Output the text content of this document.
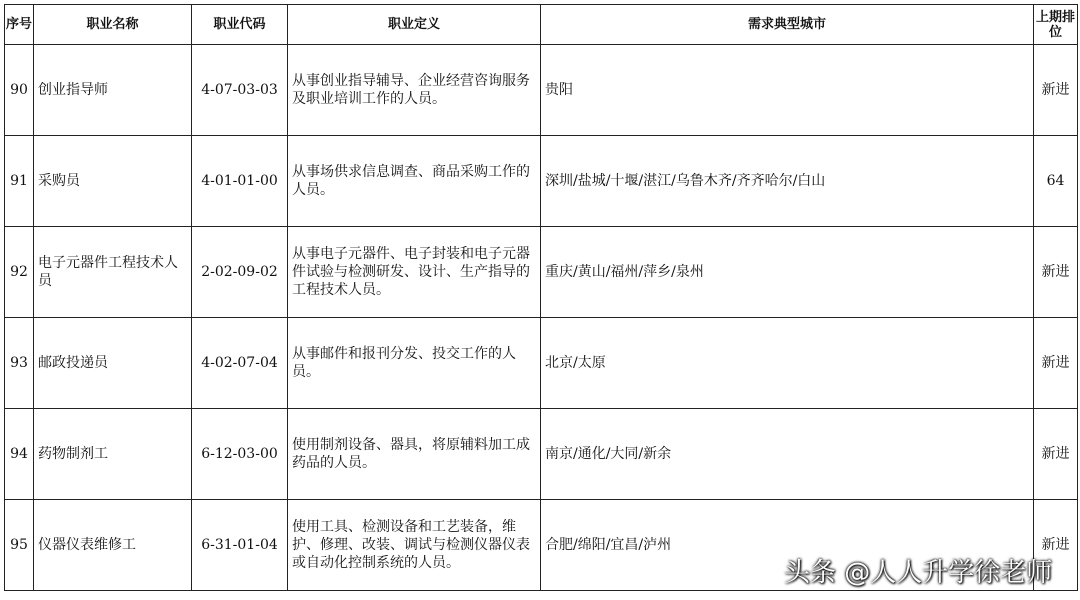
序号	职业名称	职业代码	职业定义	需求典型城市	上期排位
90	创业指导师	4-07-03-03	从事创业指导辅导、企业经营咨询服务及职业培训工作的人员。	贵阳	新进
91	采购员	4-01-01-00	从事场供求信息调查、商品采购工作的人员。	深圳/盐城/十堰/湛江/乌鲁木齐/齐齐哈尔/白山	64
92	电子元器件工程技术人员	2-02-09-02	从事电子元器件、电子封装和电子元器件试验与检测研发、设计、生产指导的工程技术人员。	重庆/黄山/福州/萍乡/泉州	新进
93	邮政投递员	4-02-07-04	从事邮件和报刊分发、投交工作的人员。	北京/太原	新进
94	药物制剂工	6-12-03-00	使用制剂设备、器具，将原辅料加工成药品的人员。	南京/通化/大同/新余	新进
95	仪器仪表维修工	6-31-01-04	使用工具、检测设备和工艺装备，维护、修理、改装、调试与检测仪器仪表或自动化控制系统的人员。	合肥/绵阳/宜昌/泸州	新进
头条 @人人升学徐老师
